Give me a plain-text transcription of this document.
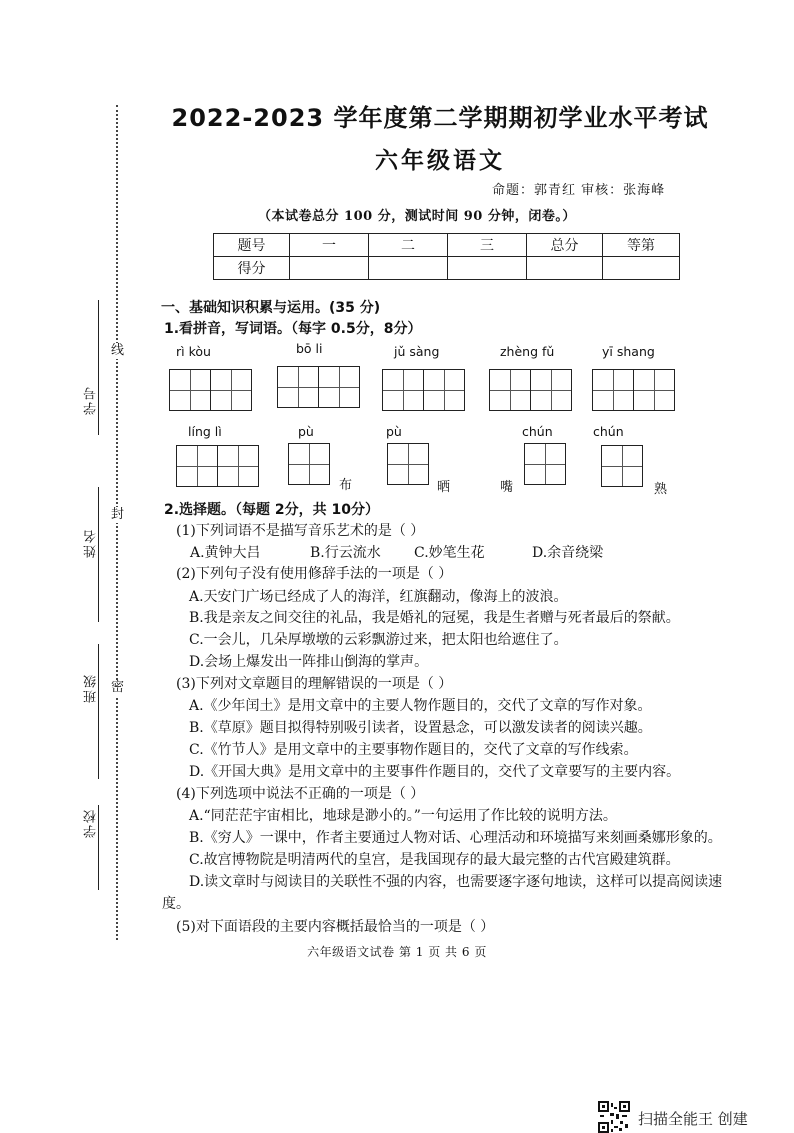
线
封
密
学号
姓名
班级
学校
2022-2023 学年度第二学期期初学业水平考试
六年级语文
命题：郭青红 审核：张海峰
（本试卷总分 100 分，测试时间 90 分钟，闭卷。）
题号	一	二	三	总分	等第
得分					
一、基础知识积累与运用。(35 分)
1.看拼音，写词语。（每字 0.5分，8分）
rì kòu	bō li	jǔ sàng	zhèng fǔ	yī shang
líng lì	pù	pù	chún	chún
布	晒	嘴	熟
2.选择题。（每题 2分，共 10分）
(1)下列词语不是描写音乐艺术的是（ ）
A.黄钟大吕	B.行云流水 C.妙笔生花	D.余音绕梁
(2)下列句子没有使用修辞手法的一项是（ ）
A.天安门广场已经成了人的海洋，红旗翻动，像海上的波浪。
B.我是亲友之间交往的礼品，我是婚礼的冠冕，我是生者赠与死者最后的祭献。
C.一会儿，几朵厚墩墩的云彩飘游过来，把太阳也给遮住了。
D.会场上爆发出一阵排山倒海的掌声。
(3)下列对文章题目的理解错误的一项是（ ）
A.《少年闰土》是用文章中的主要人物作题目的，交代了文章的写作对象。
B.《草原》题目拟得特别吸引读者，设置悬念，可以激发读者的阅读兴趣。
C.《竹节人》是用文章中的主要事物作题目的，交代了文章的写作线索。
D.《开国大典》是用文章中的主要事件作题目的，交代了文章要写的主要内容。
(4)下列选项中说法不正确的一项是（ ）
A.“同茫茫宇宙相比，地球是渺小的。”一句运用了作比较的说明方法。
B.《穷人》一课中，作者主要通过人物对话、心理活动和环境描写来刻画桑娜形象的。
C.故宫博物院是明清两代的皇宫，是我国现存的最大最完整的古代宫殿建筑群。
D.读文章时与阅读目的关联性不强的内容，也需要逐字逐句地读，这样可以提高阅读速
度。
(5)对下面语段的主要内容概括最恰当的一项是（ ）
六年级语文试卷 第 1 页 共 6 页
扫描全能王 创建
